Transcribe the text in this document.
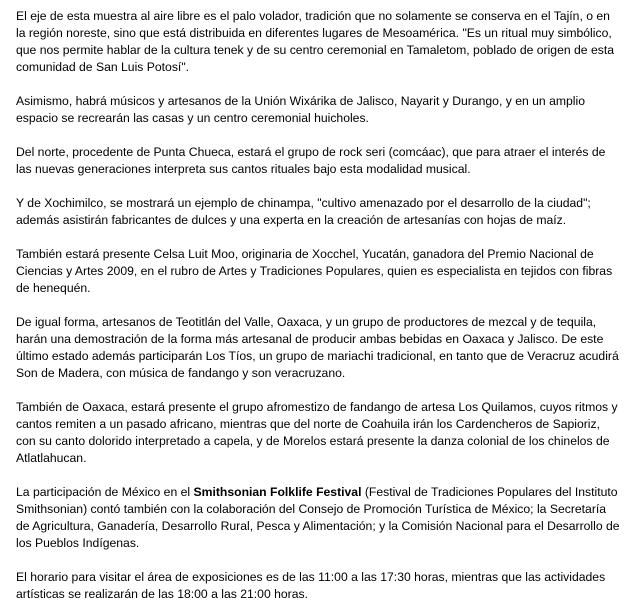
El eje de esta muestra al aire libre es el palo volador, tradición que no solamente se conserva en el Tajín, o en la región noreste, sino que está distribuida en diferentes lugares de Mesoamérica. "Es un ritual muy simbólico, que nos permite hablar de la cultura tenek y de su centro ceremonial en Tamaletom, poblado de origen de esta comunidad de San Luis Potosí".

Asimismo, habrá músicos y artesanos de la Unión Wixárika de Jalisco, Nayarit y Durango, y en un amplio espacio se recrearán las casas y un centro ceremonial huicholes.

Del norte, procedente de Punta Chueca, estará el grupo de rock seri (comcáac), que para atraer el interés de las nuevas generaciones interpreta sus cantos rituales bajo esta modalidad musical.

Y de Xochimilco, se mostrará un ejemplo de chinampa, "cultivo amenazado por el desarrollo de la ciudad"; además asistirán fabricantes de dulces y una experta en la creación de artesanías con hojas de maíz.

También estará presente Celsa Luit Moo, originaria de Xocchel, Yucatán, ganadora del Premio Nacional de Ciencias y Artes 2009, en el rubro de Artes y Tradiciones Populares, quien es especialista en tejidos con fibras de henequén.

De igual forma, artesanos de Teotitlán del Valle, Oaxaca, y un grupo de productores de mezcal y de tequila, harán una demostración de la forma más artesanal de producir ambas bebidas en Oaxaca y Jalisco. De este último estado además participarán Los Tíos, un grupo de mariachi tradicional, en tanto que de Veracruz acudirá Son de Madera, con música de fandango y son veracruzano.

También de Oaxaca, estará presente el grupo afromestizo de fandango de artesa Los Quilamos, cuyos ritmos y cantos remiten a un pasado africano, mientras que del norte de Coahuila irán los Cardencheros de Sapioriz, con su canto dolorido interpretado a capela, y de Morelos estará presente la danza colonial de los chinelos de Atlatlahucan.

La participación de México en el Smithsonian Folklife Festival (Festival de Tradiciones Populares del Instituto Smithsonian) contó también con la colaboración del Consejo de Promoción Turística de México; la Secretaría de Agricultura, Ganadería, Desarrollo Rural, Pesca y Alimentación; y la Comisión Nacional para el Desarrollo de los Pueblos Indígenas.

El horario para visitar el área de exposiciones es de las 11:00 a las 17:30 horas, mientras que las actividades artísticas se realizarán de las 18:00 a las 21:00 horas.
